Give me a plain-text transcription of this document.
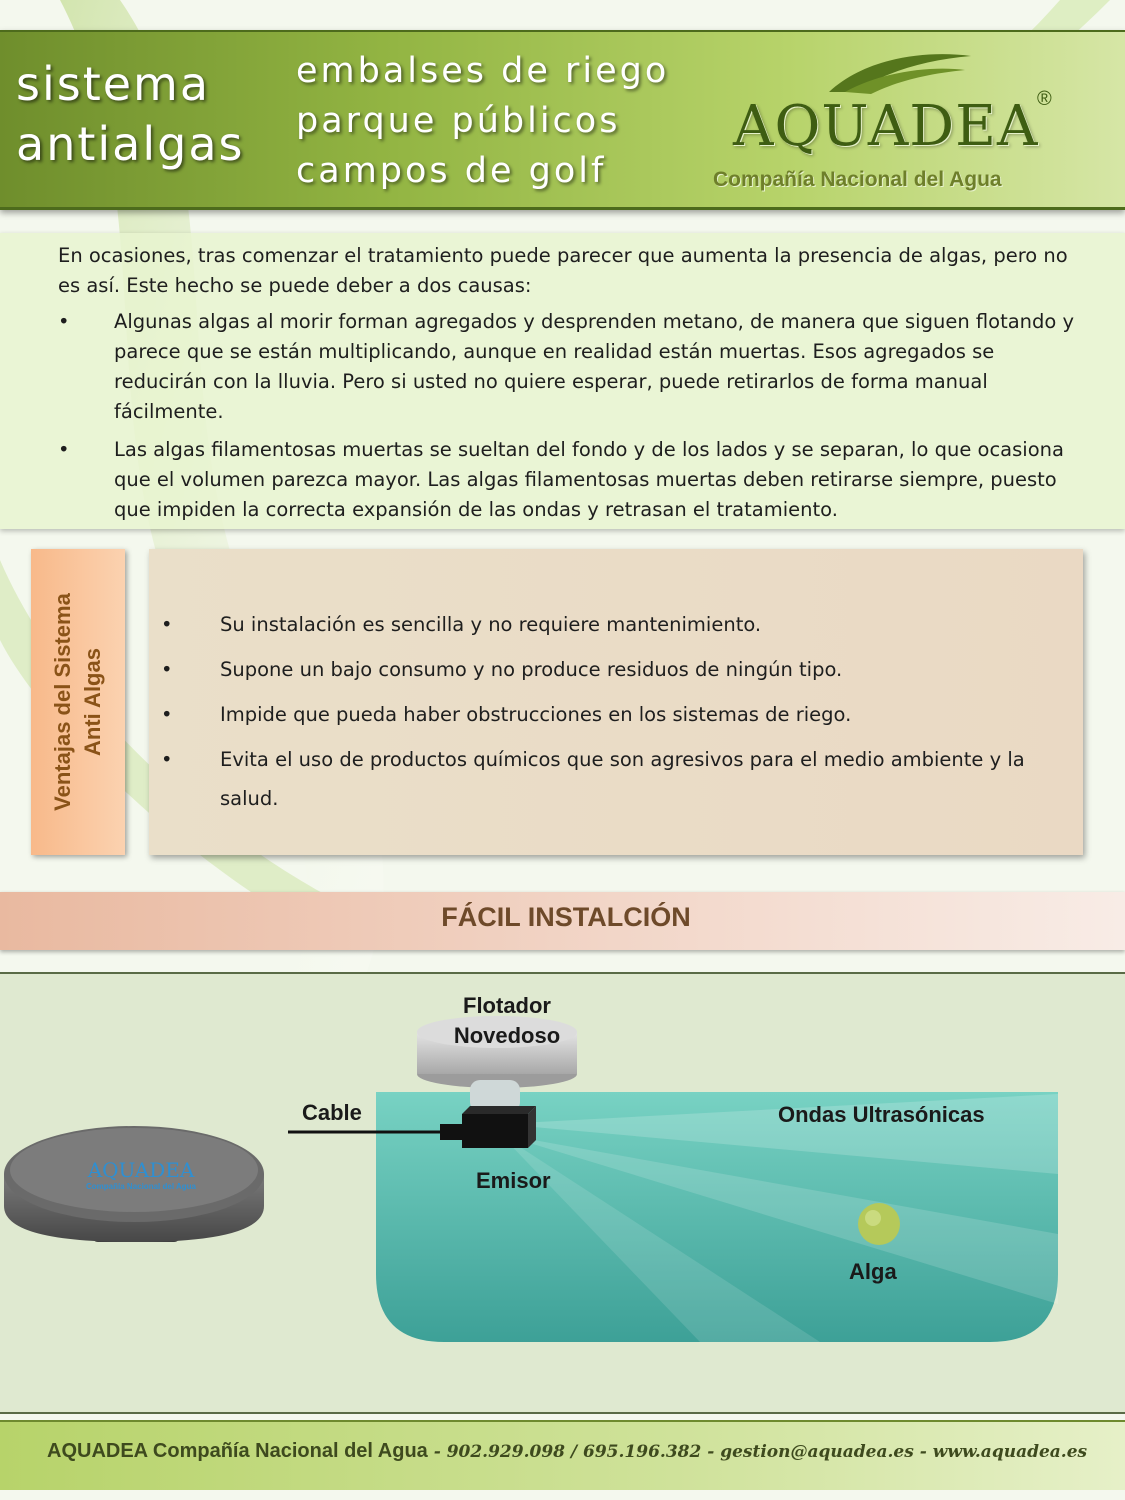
sistema
antialgas
embalses de riego
parque públicos
campos de golf
AQUADEA
®
Compañía Nacional del Agua

En ocasiones, tras comenzar el tratamiento puede parecer que aumenta la presencia de algas, pero no es así. Este hecho se puede deber a dos causas:

• Algunas algas al morir forman agregados y desprenden metano, de manera que siguen flotando y parece que se están multiplicando, aunque en realidad están muertas. Esos agregados se reducirán con la lluvia. Pero si usted no quiere esperar, puede retirarlos de forma manual fácilmente.
• Las algas filamentosas muertas se sueltan del fondo y de los lados y se separan, lo que ocasiona que el volumen parezca mayor. Las algas filamentosas muertas deben retirarse siempre, puesto que impiden la correcta expansión de las ondas y retrasan el tratamiento.
Ventajas del Sistema Anti Algas
• Su instalación es sencilla y no requiere mantenimiento.
• Supone un bajo consumo y no produce residuos de ningún tipo.
• Impide que pueda haber obstrucciones en los sistemas de riego.
• Evita el uso de productos químicos que son agresivos para el medio ambiente y la salud.
FÁCIL INSTALCIÓN
AQUADEA
Compañía Nacional del Agua
Flotador
Novedoso
Cable
Emisor
Ondas Ultrasónicas
Alga
AQUADEA Compañía Nacional del Agua - 902.929.098 / 695.196.382 - gestion@aquadea.es - www.aquadea.es
